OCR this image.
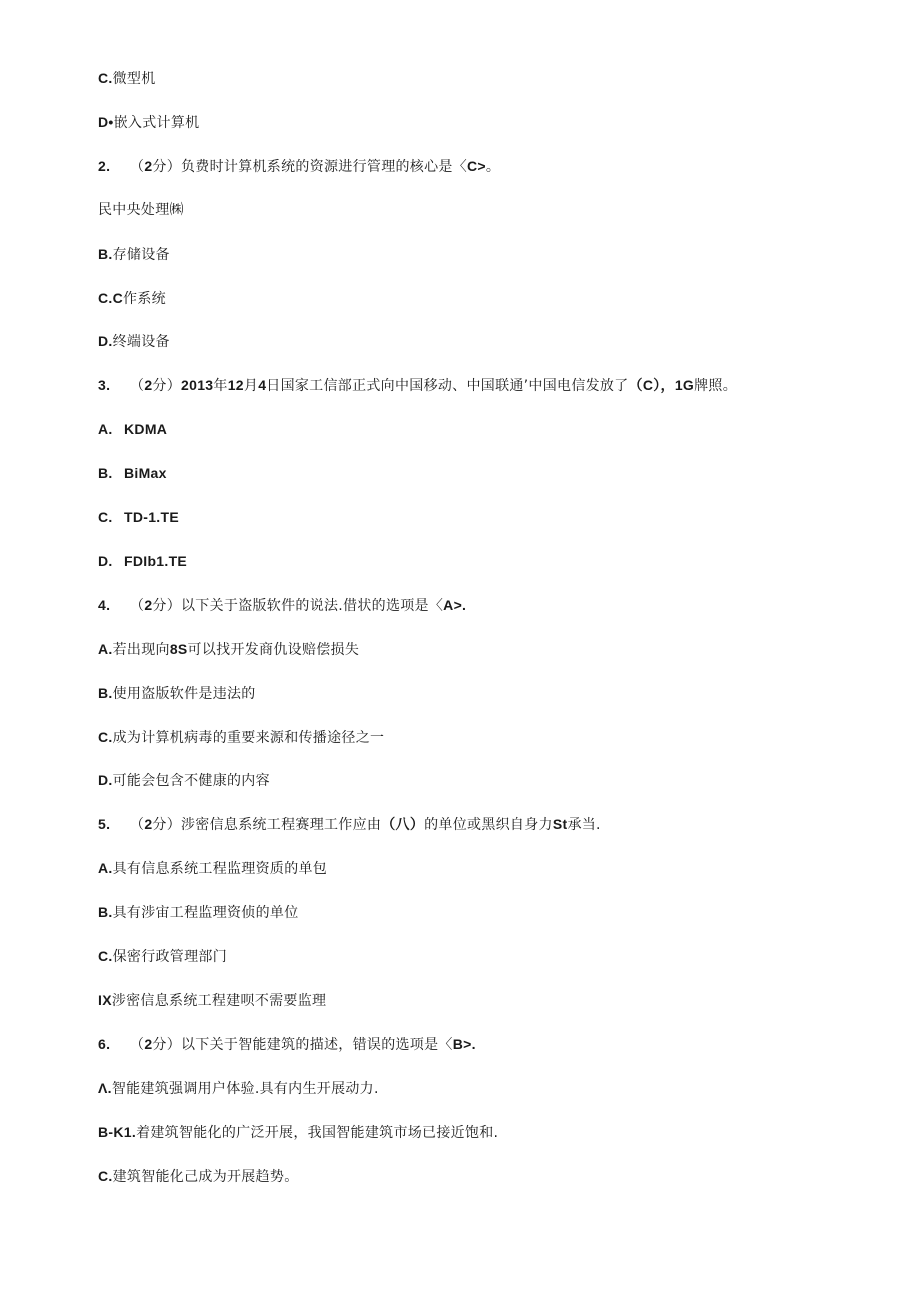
C.微型机
D•嵌入式计算机
2. （2分）负费时计算机系统的资源进行管理的核心是〈C>。
民中央处理㈱
B.存储设备
C.C作系统
D.终端设备
3. （2分）2013年12月4日国家工信部正式向中国移动、中国联通’中国电信发放了（C），1G牌照。
A. KDMA
B. BiMax
C. TD-1.TE
D. FDIb1.TE
4. （2分）以下关于盗版软件的说法.借状的选项是〈A>.
A.若出现向8S可以找开发商仇设赔偿损失
B.使用盗版软件是违法的
C.成为计算机病毒的重要来源和传播途径之一
D.可能会包含不健康的内容
5. （2分）涉密信息系统工程赛理工作应由（八）的单位或黑织自身力St承当.
A.具有信息系统工程监理资质的单包
B.具有涉宙工程监理资侦的单位
C.保密行政管理部门
IX涉密信息系统工程建呗不需要监理
6. （2分）以下关于智能建筑的描述，错误的选项是〈B>.
Λ.智能建筑强调用户体验.具有内生开展动力.
B-K1.着建筑智能化的广泛开展，我国智能建筑市场已接近饱和.
C.建筑智能化己成为开展趋势。
